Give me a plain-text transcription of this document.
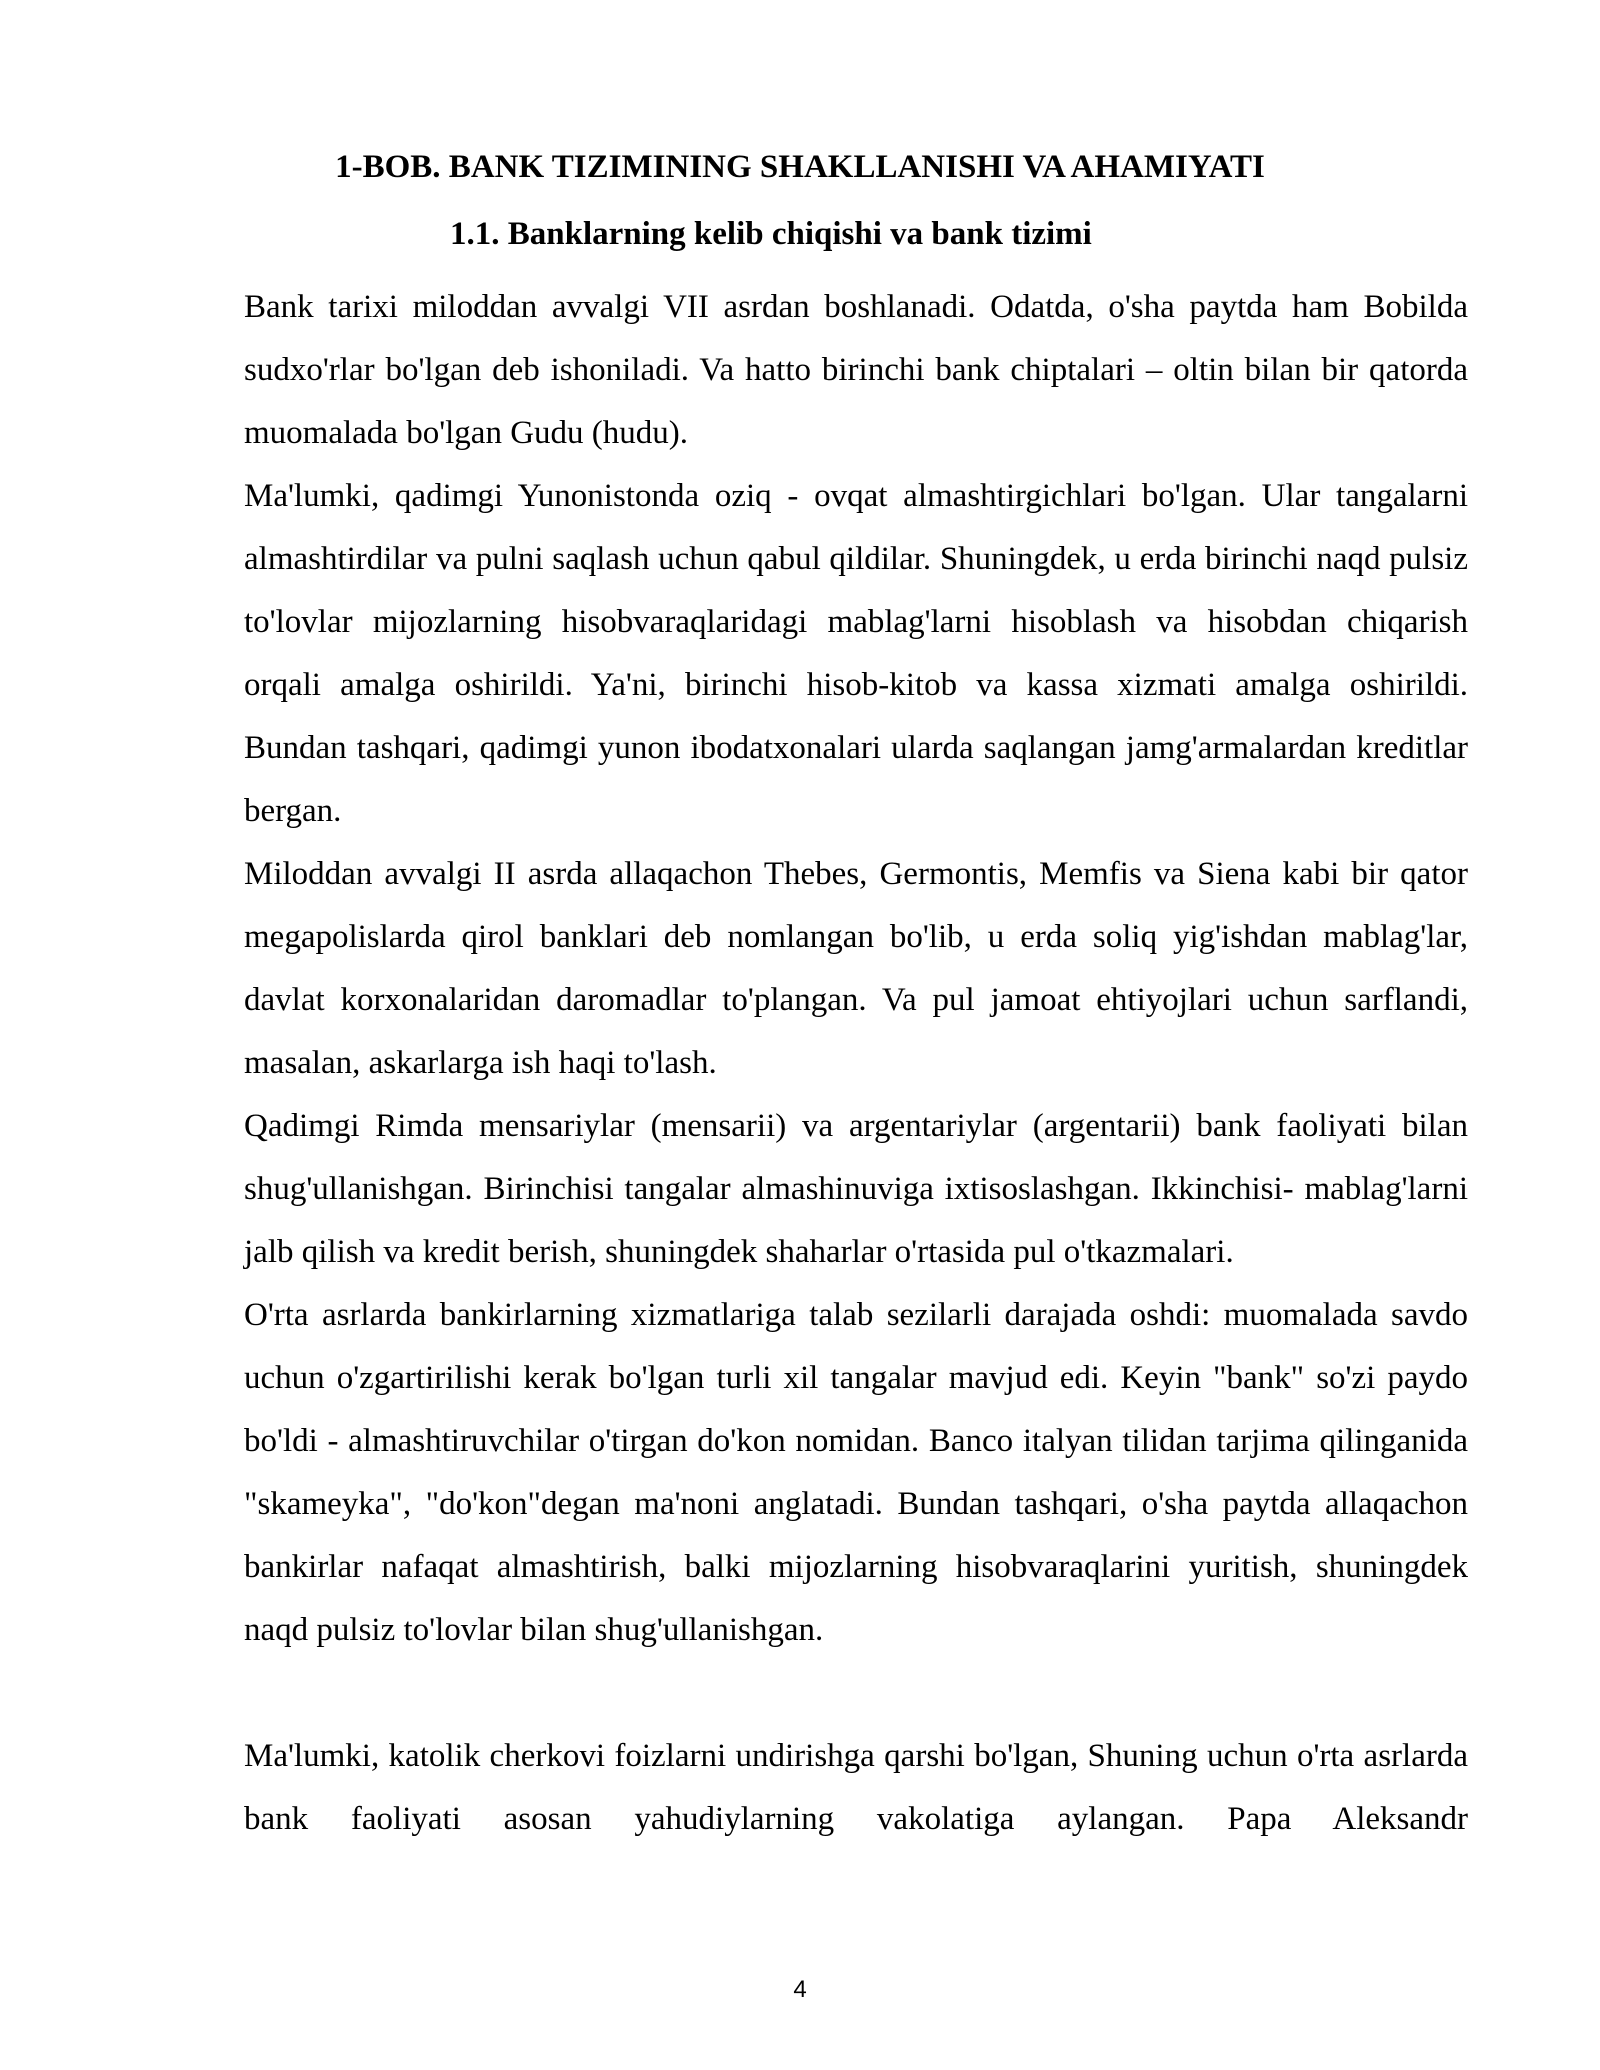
1-BOB. BANK TIZIMINING SHAKLLANISHI VA AHAMIYATI
1.1. Banklarning kelib chiqishi va bank tizimi

Bank tarixi miloddan avvalgi VII asrdan boshlanadi. Odatda, o'sha paytda ham Bobilda sudxo'rlar bo'lgan deb ishoniladi. Va hatto birinchi bank chiptalari – oltin bilan bir qatorda muomalada bo'lgan Gudu (hudu).

Ma'lumki, qadimgi Yunonistonda oziq - ovqat almashtirgichlari bo'lgan. Ular tangalarni almashtirdilar va pulni saqlash uchun qabul qildilar. Shuningdek, u erda birinchi naqd pulsiz to'lovlar mijozlarning hisobvaraqlaridagi mablag'larni hisoblash va hisobdan chiqarish orqali amalga oshirildi. Ya'ni, birinchi hisob-kitob va kassa xizmati amalga oshirildi. Bundan tashqari, qadimgi yunon ibodatxonalari ularda saqlangan jamg'armalardan kreditlar bergan.

Miloddan avvalgi II asrda allaqachon Thebes, Germontis, Memfis va Siena kabi bir qator megapolislarda qirol banklari deb nomlangan bo'lib, u erda soliq yig'ishdan mablag'lar, davlat korxonalaridan daromadlar to'plangan. Va pul jamoat ehtiyojlari uchun sarflandi, masalan, askarlarga ish haqi to'lash.

Qadimgi Rimda mensariylar (mensarii) va argentariylar (argentarii) bank faoliyati bilan shug'ullanishgan. Birinchisi tangalar almashinuviga ixtisoslashgan. Ikkinchisi- mablag'larni jalb qilish va kredit berish, shuningdek shaharlar o'rtasida pul o'tkazmalari.

O'rta asrlarda bankirlarning xizmatlariga talab sezilarli darajada oshdi: muomalada savdo uchun o'zgartirilishi kerak bo'lgan turli xil tangalar mavjud edi. Keyin "bank" so'zi paydo bo'ldi - almashtiruvchilar o'tirgan do'kon nomidan. Banco italyan tilidan tarjima qilinganida "skameyka", "do'kon"degan ma'noni anglatadi. Bundan tashqari, o'sha paytda allaqachon bankirlar nafaqat almashtirish, balki mijozlarning hisobvaraqlarini yuritish, shuningdek naqd pulsiz to'lovlar bilan shug'ullanishgan.

Ma'lumki, katolik cherkovi foizlarni undirishga qarshi bo'lgan, Shuning uchun o'rta asrlarda bank faoliyati asosan yahudiylarning vakolatiga aylangan. Papa Aleksandr

4
